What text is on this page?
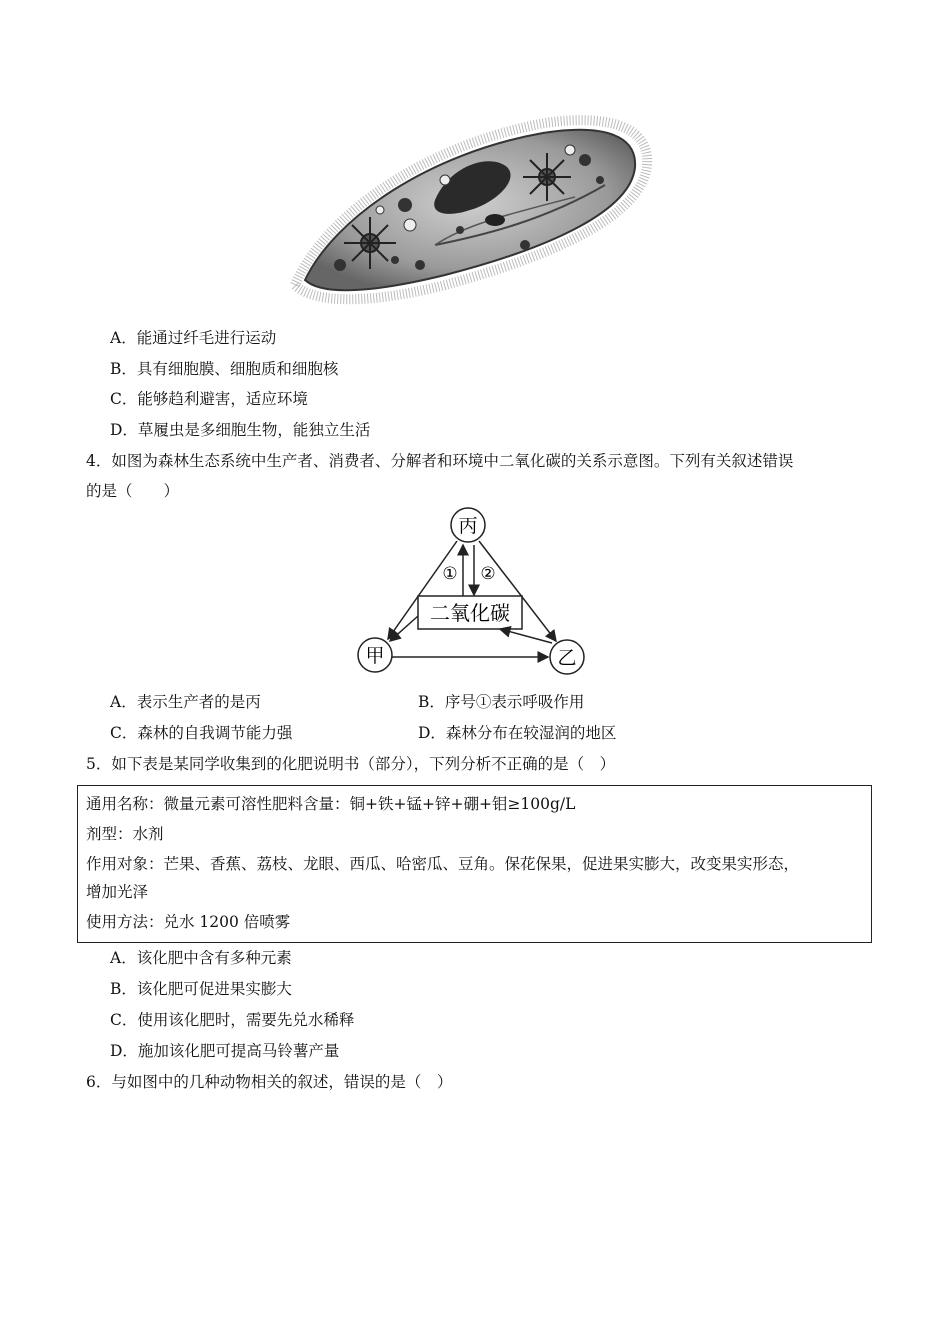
A．能通过纤毛进行运动
B．具有细胞膜、细胞质和细胞核
C．能够趋利避害，适应环境
D．草履虫是多细胞生物，能独立生活
4．如图为森林生态系统中生产者、消费者、分解者和环境中二氧化碳的关系示意图。下列有关叙述错误
的是（　　）
丙
甲	乙
二氧化碳
① ②
A．表示生产者的是丙	B．序号①表示呼吸作用
C．森林的自我调节能力强	D．森林分布在较湿润的地区
5．如下表是某同学收集到的化肥说明书（部分），下列分析不正确的是（　）
通用名称：微量元素可溶性肥料含量：铜+铁+锰+锌+硼+钼≥100g/L
剂型：水剂
作用对象：芒果、香蕉、荔枝、龙眼、西瓜、哈密瓜、豆角。保花保果，促进果实膨大，改变果实形态，
增加光泽
使用方法：兑水 1200 倍喷雾
A．该化肥中含有多种元素
B．该化肥可促进果实膨大
C．使用该化肥时，需要先兑水稀释
D．施加该化肥可提高马铃薯产量
6．与如图中的几种动物相关的叙述，错误的是（　）
